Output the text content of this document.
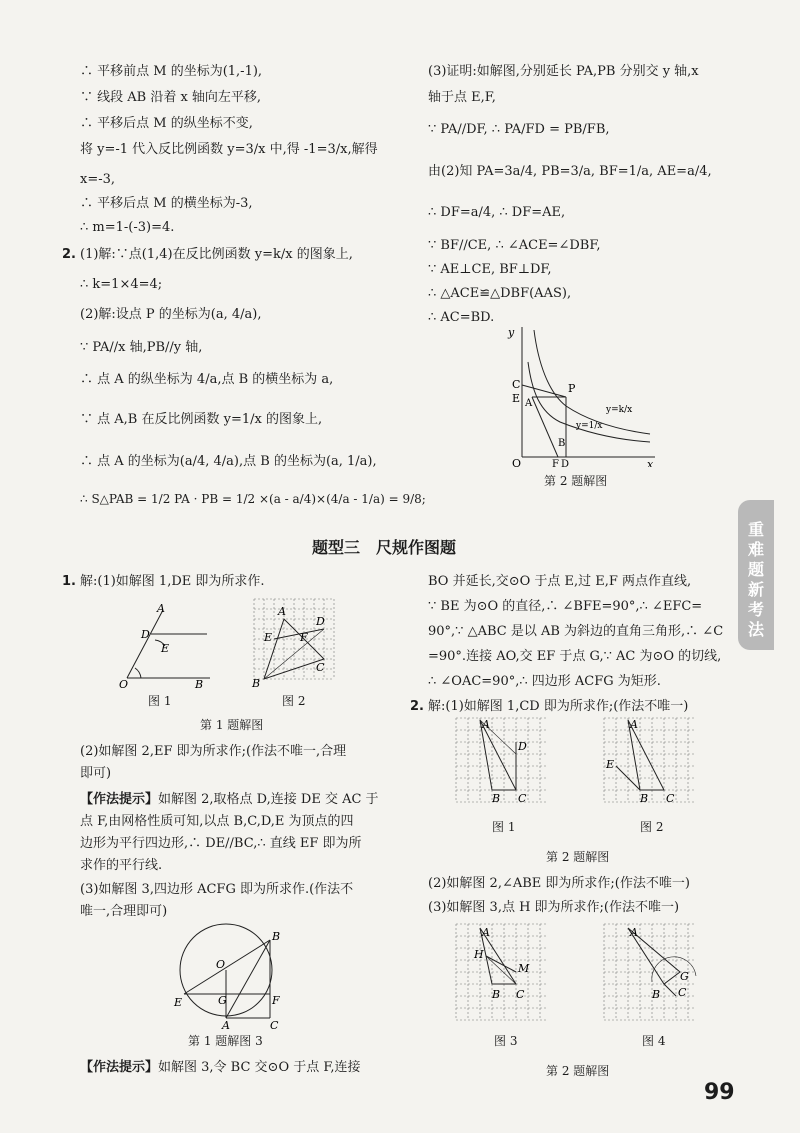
∴ 平移前点 M 的坐标为(1,-1),
∵ 线段 AB 沿着 x 轴向左平移,
∴ 平移后点 M 的纵坐标不变,
将 y=-1 代入反比例函数 y=3/x 中,得 -1=3/x,解得
x=-3,
∴ 平移后点 M 的横坐标为-3,
∴ m=1-(-3)=4.
2. (1)解:∵点(1,4)在反比例函数 y=k/x 的图象上,
∴ k=1×4=4;
(2)解:设点 P 的坐标为(a, 4/a),
∵ PA//x 轴,PB//y 轴,
∴ 点 A 的纵坐标为 4/a,点 B 的横坐标为 a,
∵ 点 A,B 在反比例函数 y=1/x 的图象上,
∴ 点 A 的坐标为(a/4, 4/a),点 B 的坐标为(a, 1/a),
∴ S△PAB = 1/2 PA · PB = 1/2 ×(a - a/4)×(4/a - 1/a) = 9/8;
(3)证明:如解图,分别延长 PA,PB 分别交 y 轴,x
轴于点 E,F,
∵ PA//DF, ∴ PA/FD = PB/FB,
由(2)知 PA=3a/4, PB=3/a, BF=1/a, AE=a/4,
∴ DF=a/4, ∴ DF=AE,
∵ BF//CE, ∴ ∠ACE=∠DBF,
∵ AE⊥CE, BF⊥DF,
∴ △ACE≌△DBF(AAS),
∴ AC=BD.
y
x
O
C
E A
P
B
F D
y=k/x
y=1/x
第 2 题解图
重
难
题
新
考
法
题型三　尺规作图题
1. 解:(1)如解图 1,DE 即为所求作.
A
D
E
O	B
图 1
A
D
E	F
B
C
图 2
第 1 题解图
(2)如解图 2,EF 即为所求作;(作法不唯一,合理
即可)
【作法提示】如解图 2,取格点 D,连接 DE 交 AC 于
点 F,由网格性质可知,以点 B,C,D,E 为顶点的四
边形为平行四边形,∴ DE//BC,∴ 直线 EF 即为所
求作的平行线.
(3)如解图 3,四边形 ACFG 即为所求作.(作法不
唯一,合理即可)
B
O
E	G	F
A	C
第 1 题解图 3
【作法提示】如解图 3,令 BC 交⊙O 于点 F,连接
BO 并延长,交⊙O 于点 E,过 E,F 两点作直线,
∵ BE 为⊙O 的直径,∴ ∠BFE=90°,∴ ∠EFC=
90°,∵ △ABC 是以 AB 为斜边的直角三角形,∴ ∠C
=90°.连接 AO,交 EF 于点 G,∵ AC 为⊙O 的切线,
∴ ∠OAC=90°,∴ 四边形 ACFG 为矩形.
2. 解:(1)如解图 1,CD 即为所求作;(作法不唯一)
A
D
B C
图 1
A
E
B C
图 2
第 2 题解图
(2)如解图 2,∠ABE 即为所求作;(作法不唯一)
(3)如解图 3,点 H 即为所求作;(作法不唯一)
A
H
M
B C
图 3
A
B C
G
图 4
第 2 题解图
99
